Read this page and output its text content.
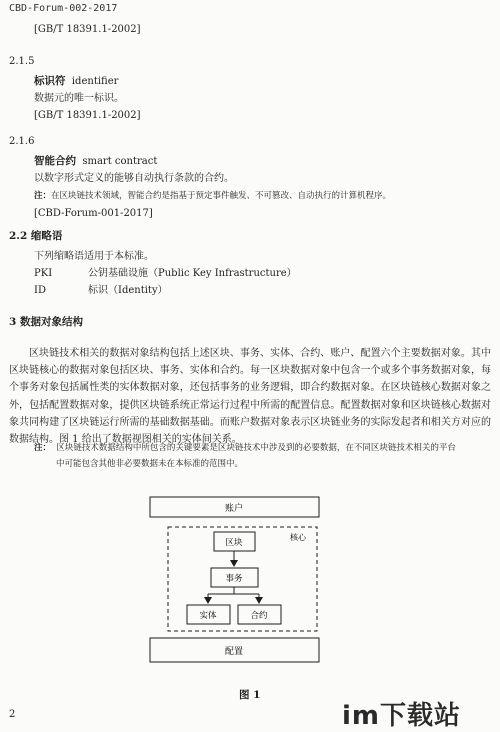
CBD-Forum-002-2017
[GB/T 18391.1-2002]
2.1.5
标识符 identifier
数据元的唯一标识。
[GB/T 18391.1-2002]
2.1.6
智能合约 smart contract
以数字形式定义的能够自动执行条款的合约。
注：在区块链技术领域，智能合约是指基于预定事件触发、不可篡改、自动执行的计算机程序。
[CBD-Forum-001-2017]
2.2 缩略语
下列缩略语适用于本标准。
PKI	公钥基础设施（Public Key Infrastructure）
ID	标识（Identity）
3 数据对象结构
区块链技术相关的数据对象结构包括上述区块、事务、实体、合约、账户、配置六个主要数据对象。其中区块链核心的数据对象包括区块、事务、实体和合约。每一区块数据对象中包含一个或多个事务数据对象，每个事务对象包括属性类的实体数据对象，还包括事务的业务逻辑，即合约数据对象。在区块链核心数据对象之外，包括配置数据对象，提供区块链系统正常运行过程中所需的配置信息。配置数据对象和区块链核心数据对象共同构建了区块链运行所需的基础数据基础。而账户数据对象表示区块链业务的实际发起者和相关方对应的数据结构。图 1 给出了数据视图相关的实体间关系。
注： 区块链技术数据结构中所包含的关键要素是区块链技术中涉及到的必要数据，在不同区块链技术相关的平台
中可能包含其他非必要数据未在本标准的范围中。
账户
核心
区块
事务
实体	合约
配置
图 1
2	im下载站
